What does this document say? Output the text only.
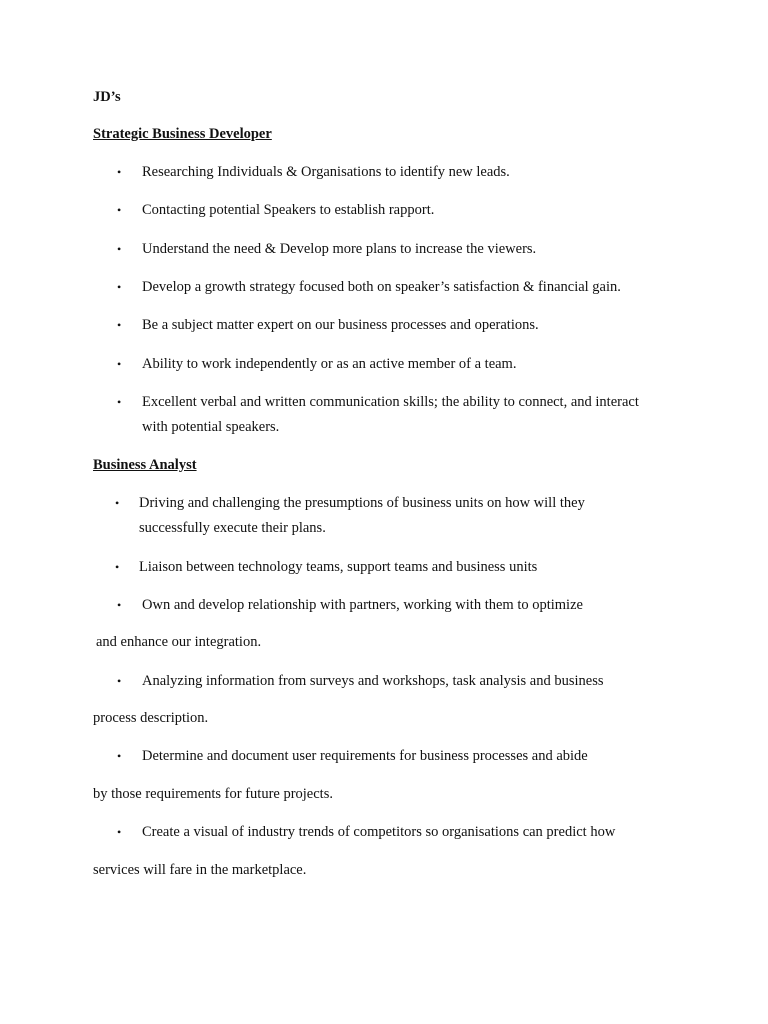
JD’s
Strategic Business Developer
• Researching Individuals & Organisations to identify new leads.
• Contacting potential Speakers to establish rapport.
• Understand the need & Develop more plans to increase the viewers.
• Develop a growth strategy focused both on speaker’s satisfaction & financial gain.
• Be a subject matter expert on our business processes and operations.
• Ability to work independently or as an active member of a team.
• Excellent verbal and written communication skills; the ability to connect, and interact
with potential speakers.
Business Analyst
• Driving and challenging the presumptions of business units on how will they
successfully execute their plans.
• Liaison between technology teams, support teams and business units
• Own and develop relationship with partners, working with them to optimize
and enhance our integration.
• Analyzing information from surveys and workshops, task analysis and business
process description.
• Determine and document user requirements for business processes and abide
by those requirements for future projects.
• Create a visual of industry trends of competitors so organisations can predict how
services will fare in the marketplace.
